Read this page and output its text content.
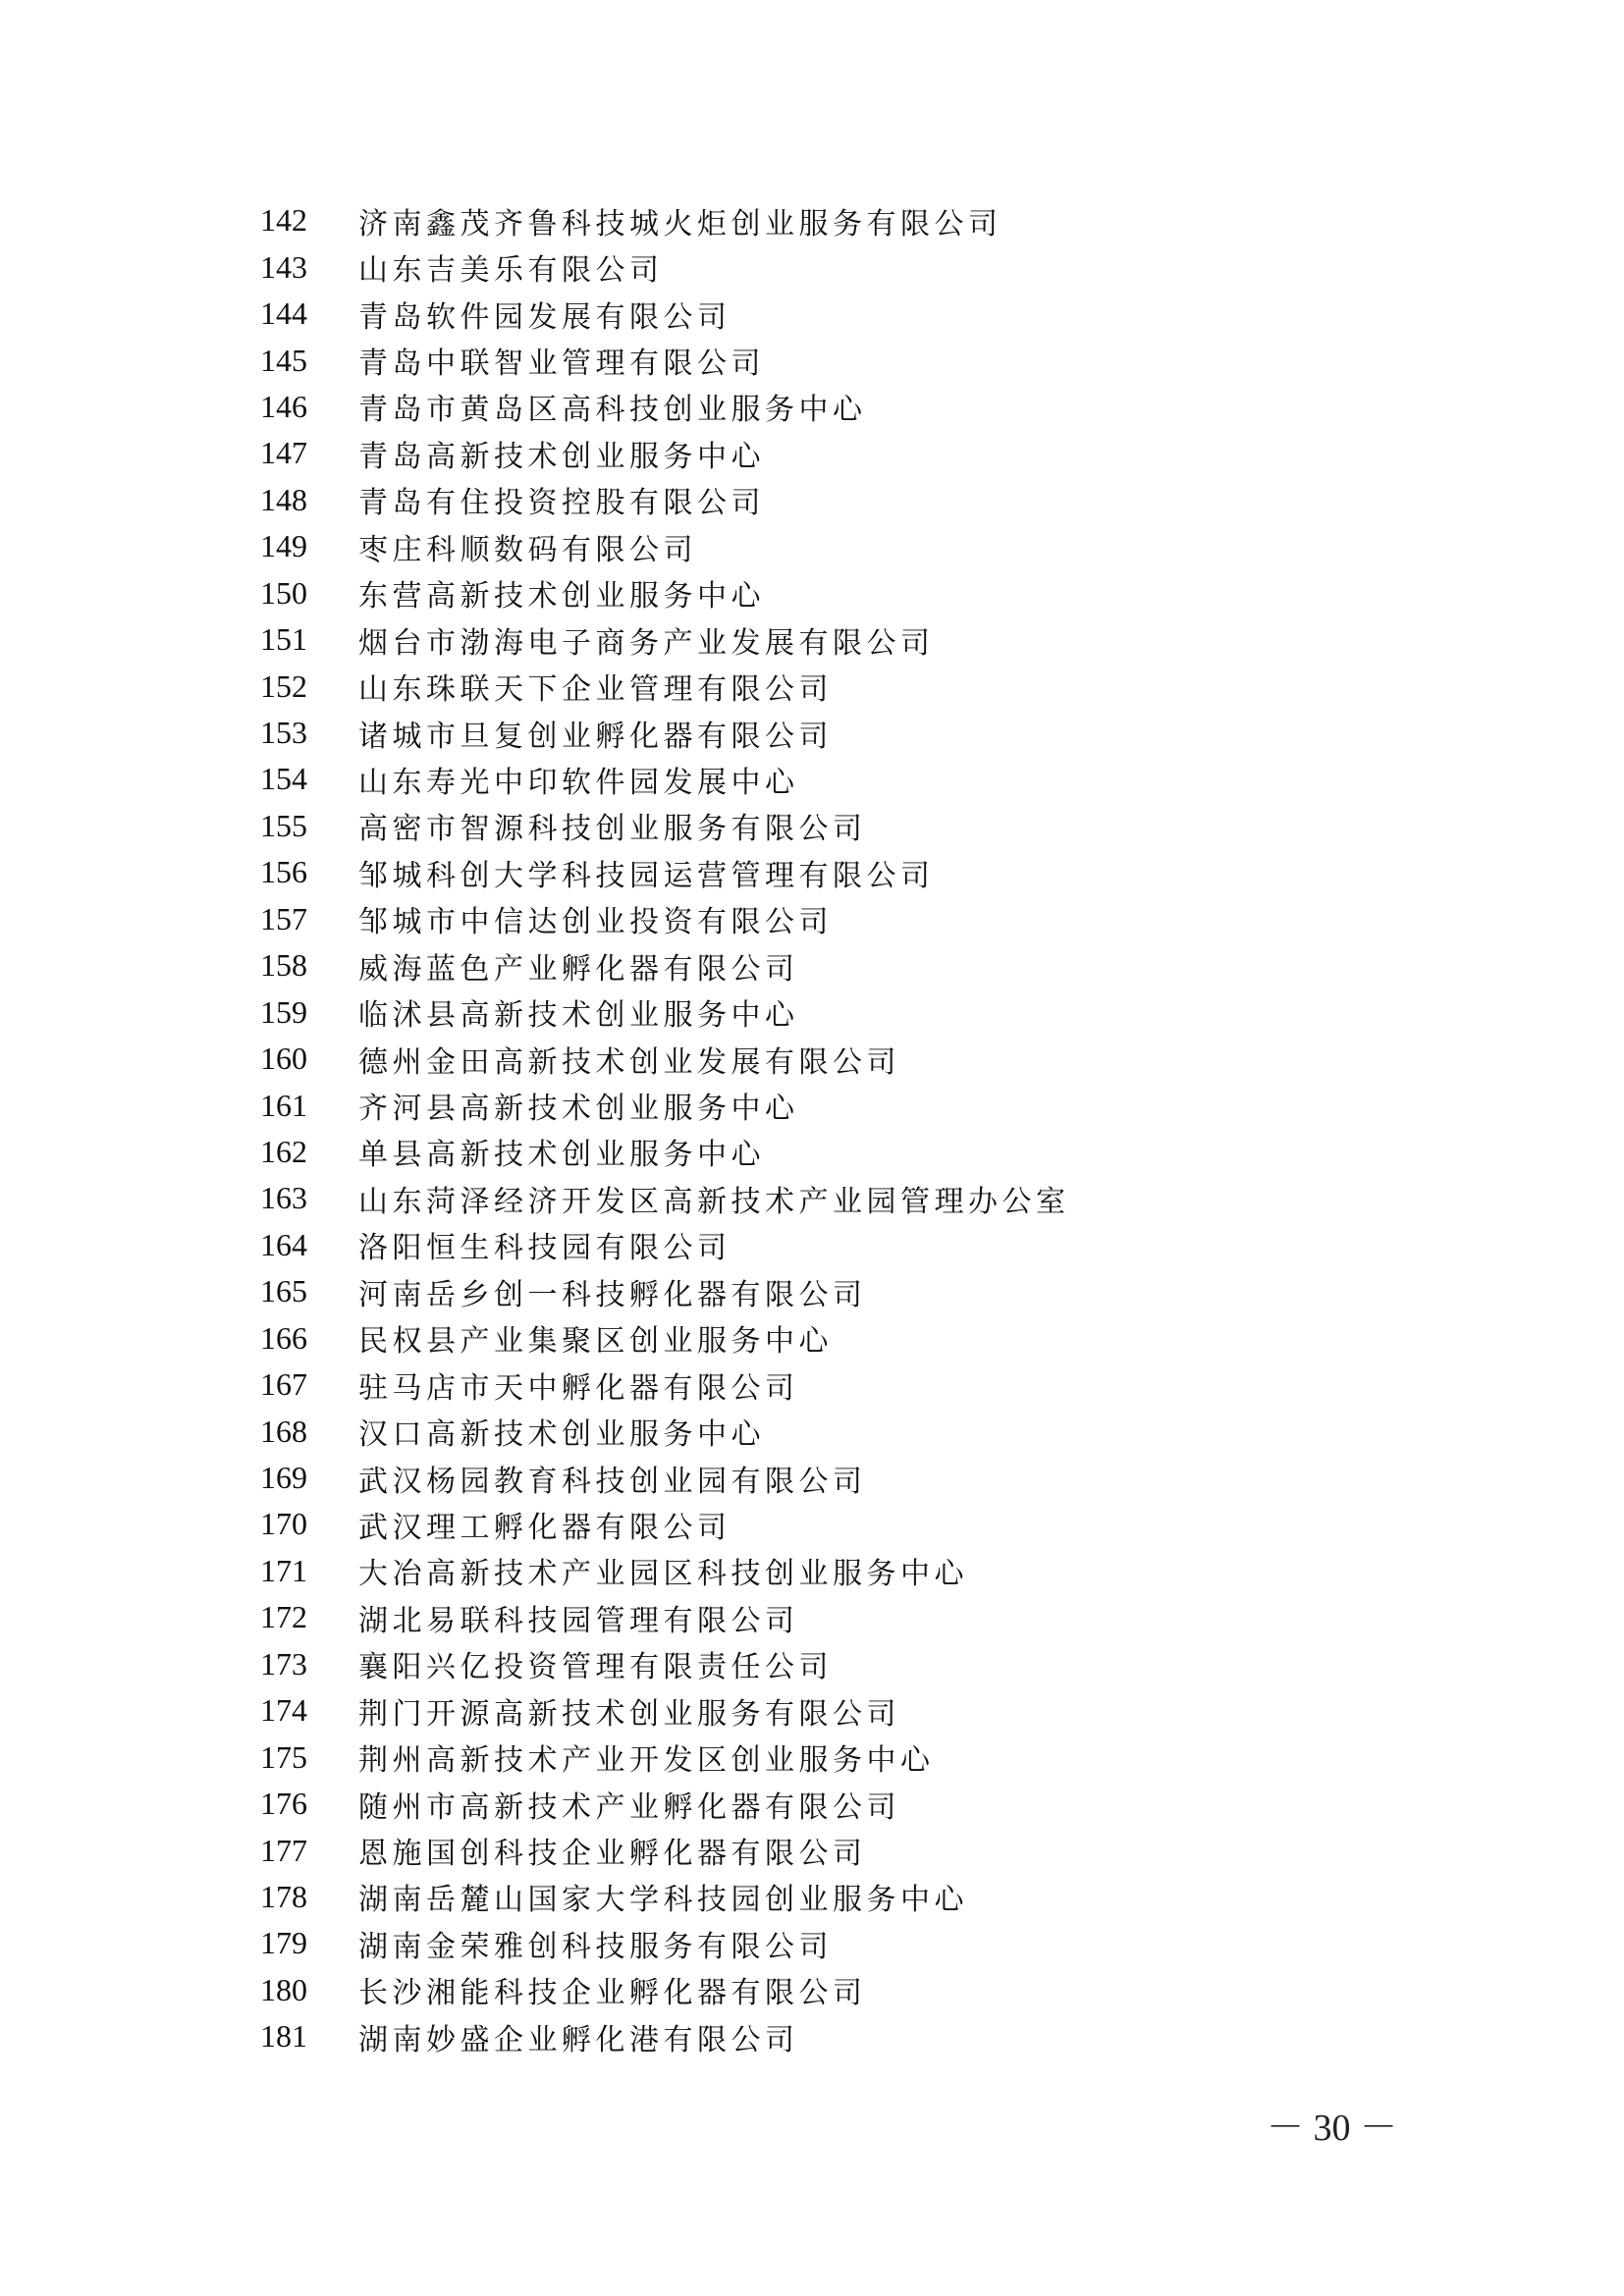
142	济南鑫茂齐鲁科技城火炬创业服务有限公司
143	山东吉美乐有限公司
144	青岛软件园发展有限公司
145	青岛中联智业管理有限公司
146	青岛市黄岛区高科技创业服务中心
147	青岛高新技术创业服务中心
148	青岛有住投资控股有限公司
149	枣庄科顺数码有限公司
150	东营高新技术创业服务中心
151	烟台市渤海电子商务产业发展有限公司
152	山东珠联天下企业管理有限公司
153	诸城市旦复创业孵化器有限公司
154	山东寿光中印软件园发展中心
155	高密市智源科技创业服务有限公司
156	邹城科创大学科技园运营管理有限公司
157	邹城市中信达创业投资有限公司
158	威海蓝色产业孵化器有限公司
159	临沭县高新技术创业服务中心
160	德州金田高新技术创业发展有限公司
161	齐河县高新技术创业服务中心
162	单县高新技术创业服务中心
163	山东菏泽经济开发区高新技术产业园管理办公室
164	洛阳恒生科技园有限公司
165	河南岳乡创一科技孵化器有限公司
166	民权县产业集聚区创业服务中心
167	驻马店市天中孵化器有限公司
168	汉口高新技术创业服务中心
169	武汉杨园教育科技创业园有限公司
170	武汉理工孵化器有限公司
171	大冶高新技术产业园区科技创业服务中心
172	湖北易联科技园管理有限公司
173	襄阳兴亿投资管理有限责任公司
174	荆门开源高新技术创业服务有限公司
175	荆州高新技术产业开发区创业服务中心
176	随州市高新技术产业孵化器有限公司
177	恩施国创科技企业孵化器有限公司
178	湖南岳麓山国家大学科技园创业服务中心
179	湖南金荣雅创科技服务有限公司
180	长沙湘能科技企业孵化器有限公司
181	湖南妙盛企业孵化港有限公司
－ 30 －
